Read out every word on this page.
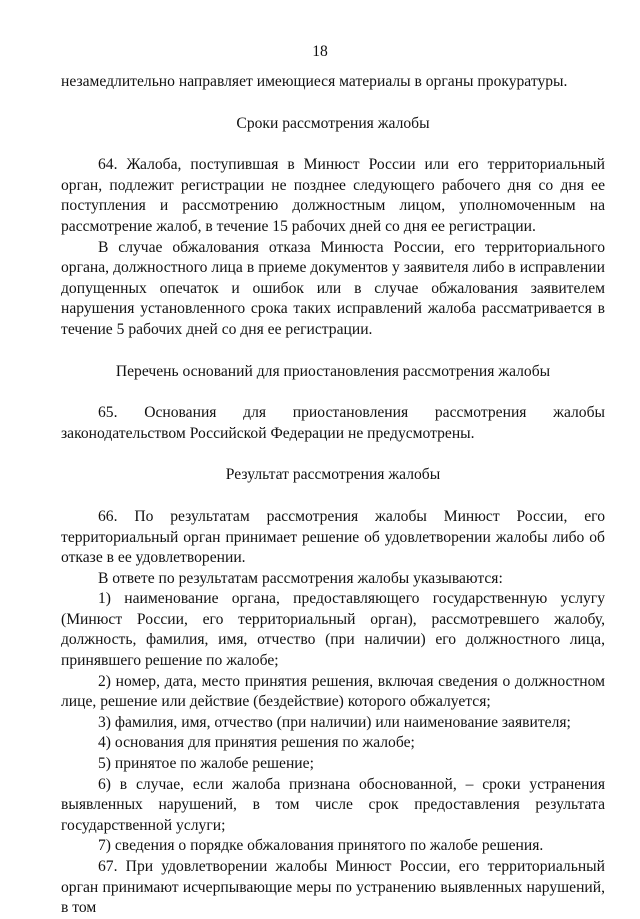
18

незамедлительно направляет имеющиеся материалы в органы прокуратуры.

Сроки рассмотрения жалобы

64. Жалоба, поступившая в Минюст России или его территориальный орган, подлежит регистрации не позднее следующего рабочего дня со дня ее поступления и рассмотрению должностным лицом, уполномоченным на рассмотрение жалоб, в течение 15 рабочих дней со дня ее регистрации.

В случае обжалования отказа Минюста России, его территориального органа, должностного лица в приеме документов у заявителя либо в исправлении допущенных опечаток и ошибок или в случае обжалования заявителем нарушения установленного срока таких исправлений жалоба рассматривается в течение 5 рабочих дней со дня ее регистрации.

Перечень оснований для приостановления рассмотрения жалобы

65. Основания для приостановления рассмотрения жалобы законодательством Российской Федерации не предусмотрены.

Результат рассмотрения жалобы

66. По результатам рассмотрения жалобы Минюст России, его территориальный орган принимает решение об удовлетворении жалобы либо об отказе в ее удовлетворении.

В ответе по результатам рассмотрения жалобы указываются:

1) наименование органа, предоставляющего государственную услугу (Минюст России, его территориальный орган), рассмотревшего жалобу, должность, фамилия, имя, отчество (при наличии) его должностного лица, принявшего решение по жалобе;

2) номер, дата, место принятия решения, включая сведения о должностном лице, решение или действие (бездействие) которого обжалуется;

3) фамилия, имя, отчество (при наличии) или наименование заявителя;

4) основания для принятия решения по жалобе;

5) принятое по жалобе решение;

6) в случае, если жалоба признана обоснованной, – сроки устранения выявленных нарушений, в том числе срок предоставления результата государственной услуги;

7) сведения о порядке обжалования принятого по жалобе решения.

67. При удовлетворении жалобы Минюст России, его территориальный орган принимают исчерпывающие меры по устранению выявленных нарушений, в том
